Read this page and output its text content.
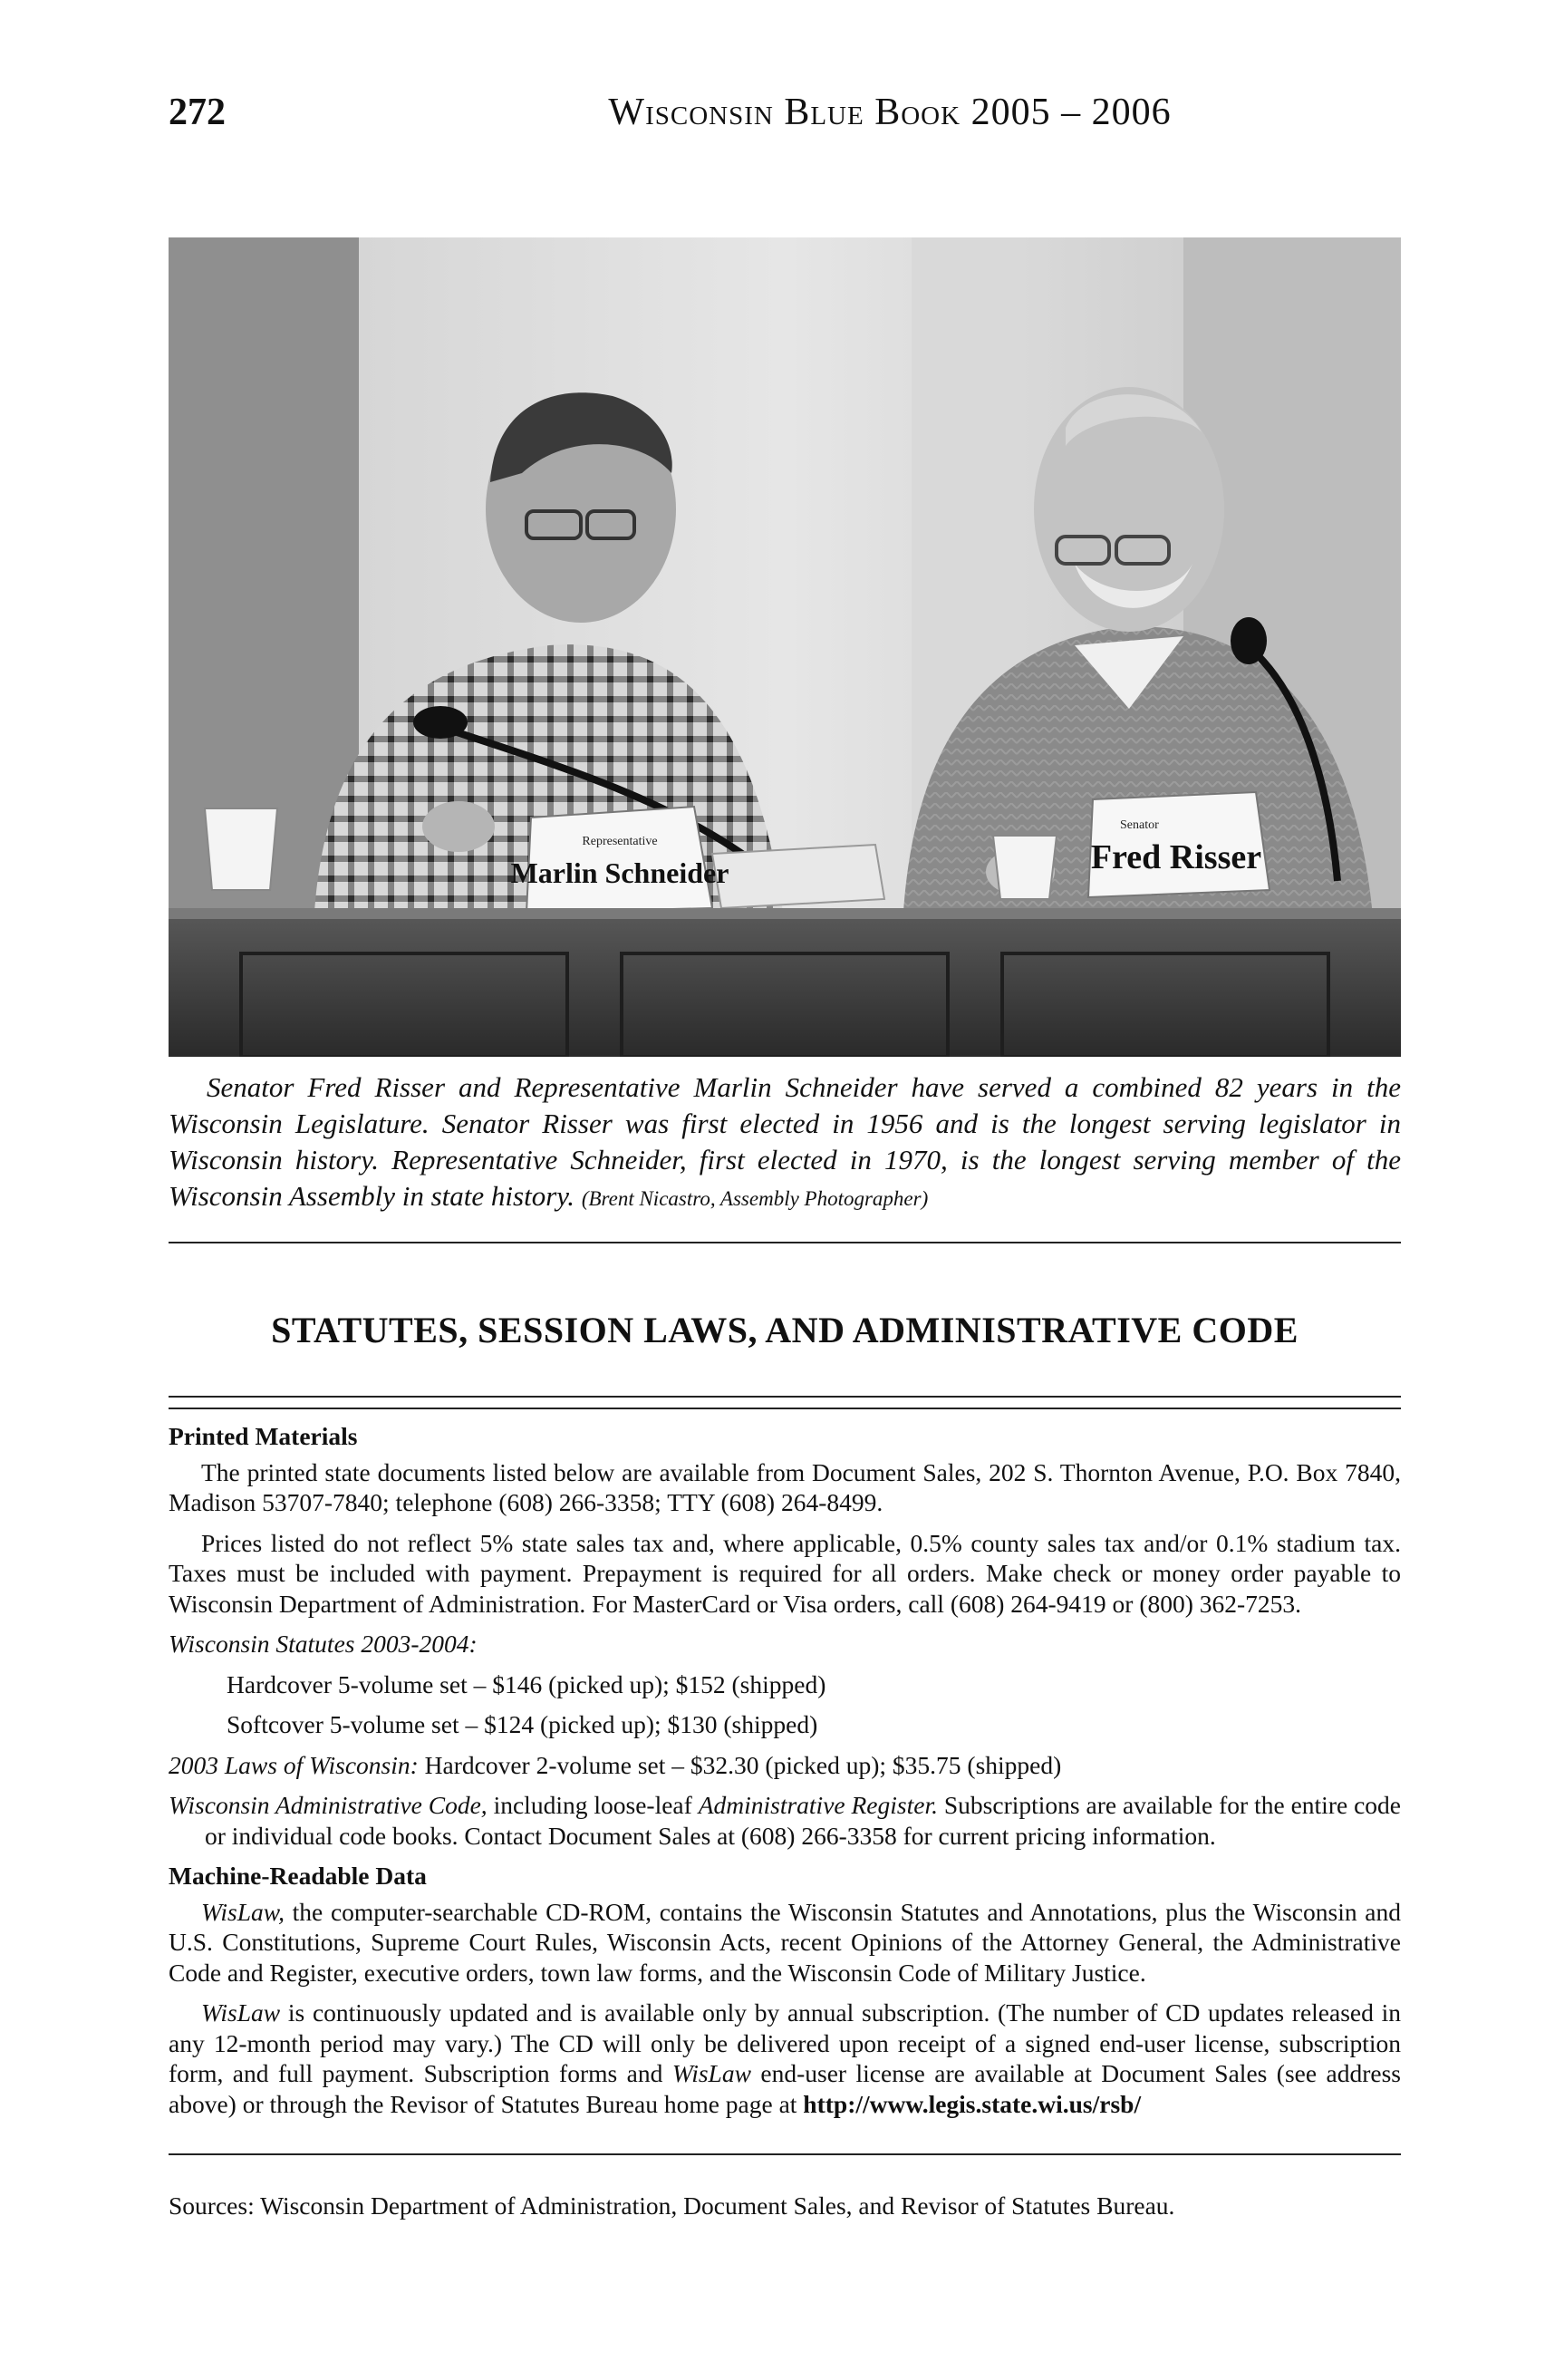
272	Wisconsin Blue Book 2005 – 2006
Representative
Marlin Schneider
Senator
Fred Risser
Senator Fred Risser and Representative Marlin Schneider have served a combined 82 years in the Wisconsin Legislature. Senator Risser was first elected in 1956 and is the longest serving legislator in Wisconsin history. Representative Schneider, first elected in 1970, is the longest serving member of the Wisconsin Assembly in state history. (Brent Nicastro, Assembly Photographer)
STATUTES, SESSION LAWS, AND ADMINISTRATIVE CODE

Printed Materials

The printed state documents listed below are available from Document Sales, 202 S. Thornton Avenue, P.O. Box 7840, Madison 53707-7840; telephone (608) 266-3358; TTY (608) 264-8499.

Prices listed do not reflect 5% state sales tax and, where applicable, 0.5% county sales tax and/or 0.1% stadium tax. Taxes must be included with payment. Prepayment is required for all orders. Make check or money order payable to Wisconsin Department of Administration. For MasterCard or Visa orders, call (608) 264-9419 or (800) 362-7253.

Wisconsin Statutes 2003-2004:

Hardcover 5-volume set – $146 (picked up); $152 (shipped)

Softcover 5-volume set – $124 (picked up); $130 (shipped)

2003 Laws of Wisconsin: Hardcover 2-volume set – $32.30 (picked up); $35.75 (shipped)

Wisconsin Administrative Code, including loose-leaf Administrative Register. Subscriptions are available for the entire code or individual code books. Contact Document Sales at (608) 266-3358 for current pricing information.

Machine-Readable Data

WisLaw, the computer-searchable CD-ROM, contains the Wisconsin Statutes and Annotations, plus the Wisconsin and U.S. Constitutions, Supreme Court Rules, Wisconsin Acts, recent Opinions of the Attorney General, the Administrative Code and Register, executive orders, town law forms, and the Wisconsin Code of Military Justice.

WisLaw is continuously updated and is available only by annual subscription. (The number of CD updates released in any 12-month period may vary.) The CD will only be delivered upon receipt of a signed end-user license, subscription form, and full payment. Subscription forms and WisLaw end-user license are available at Document Sales (see address above) or through the Revisor of Statutes Bureau home page at http://www.legis.state.wi.us/rsb/

Sources: Wisconsin Department of Administration, Document Sales, and Revisor of Statutes Bureau.
